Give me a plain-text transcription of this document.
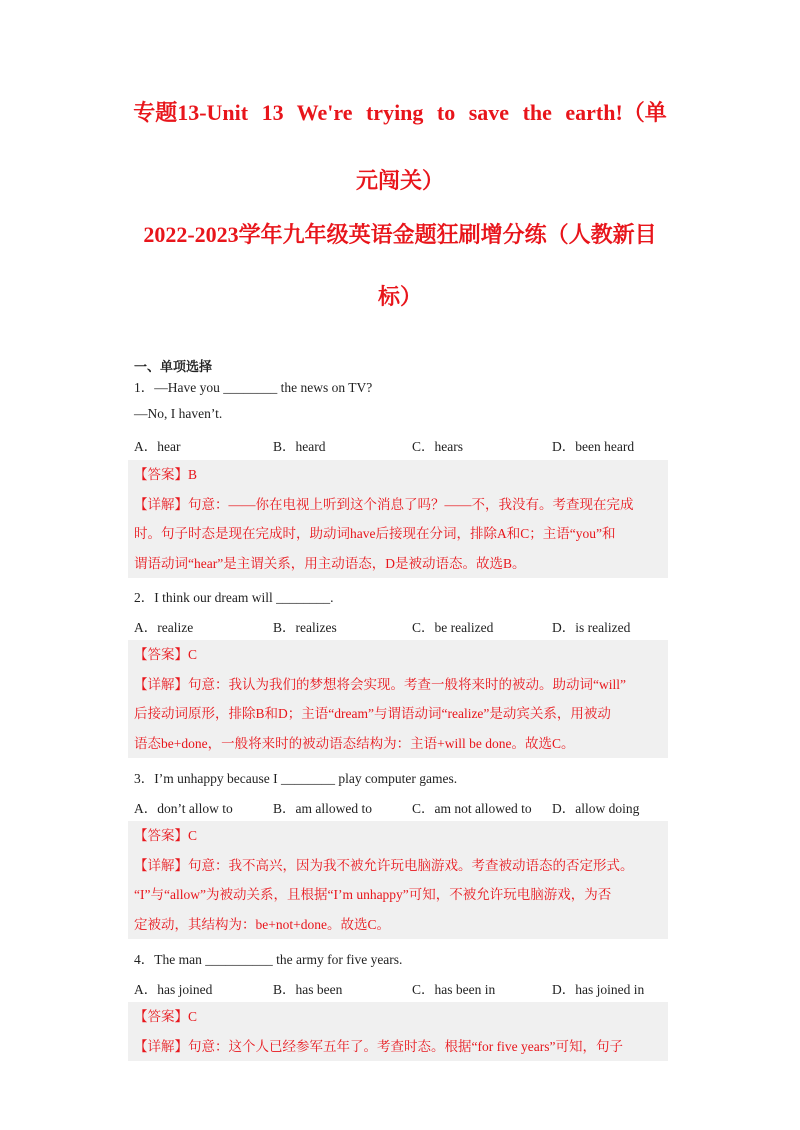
专题13-Unit 13 We're trying to save the earth!（单
元闯关）
2022-2023学年九年级英语金题狂刷增分练（人教新目
标）
一、单项选择
1．—Have you ________ the news on TV?
—No, I haven’t.
A．hear	B．heard	C．hears	D．been heard
【答案】B
【详解】句意：——你在电视上听到这个消息了吗？——不，我没有。考查现在完成
时。句子时态是现在完成时，助动词have后接现在分词，排除A和C；主语“you”和
谓语动词“hear”是主谓关系，用主动语态，D是被动语态。故选B。
2．I think our dream will ________.
A．realize	B．realizes	C．be realized	D．is realized
【答案】C
【详解】句意：我认为我们的梦想将会实现。考查一般将来时的被动。助动词“will”
后接动词原形，排除B和D；主语“dream”与谓语动词“realize”是动宾关系，用被动
语态be+done，一般将来时的被动语态结构为：主语+will be done。故选C。
3．I’m unhappy because I ________ play computer games.
A．don’t allow to	B．am allowed to	C．am not allowed to D．allow doing
【答案】C
【详解】句意：我不高兴，因为我不被允许玩电脑游戏。考查被动语态的否定形式。
“I”与“allow”为被动关系，且根据“I’m unhappy”可知，不被允许玩电脑游戏，为否
定被动，其结构为：be+not+done。故选C。
4．The man __________ the army for five years.
A．has joined	B．has been	C．has been in	D．has joined in
【答案】C
【详解】句意：这个人已经参军五年了。考查时态。根据“for five years”可知，句子
